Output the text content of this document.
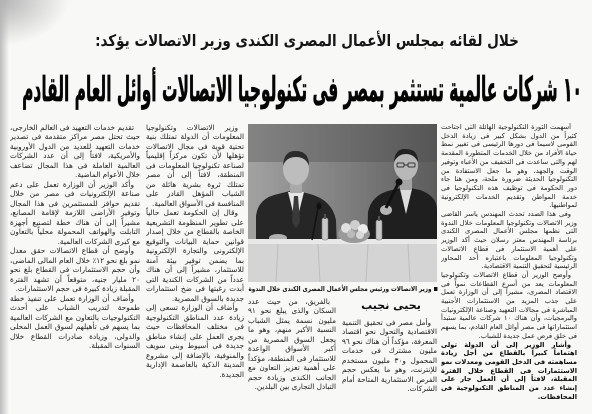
خلال لقائه بمجلس الأعمال المصرى الكندى وزير الاتصالات يؤكد:
١٠ شركات عالمية تستثمر بمصر فى تكنولوجيا الاتصالات أوائل العام القادم

أسهمت الثورة التكنولوجية الهائلة التى اجتاحت كثيراً من الدول بشكل كبير فى زيادة الدخل القومى لاسيما فى دورها الرئيسى فى تغيير نمط حياة الأفراد من خلال الخدمات المتطورة المقدمة لهم والتى ساعدت فى التخفيف من الأعباء وتوفير الوقت والجهد، وهو ما جعل الاستفادة من التكنولوجيا الحديثة ضرورة ملحة، ومن هنا جاء دور الحكومة فى توظيف هذه التكنولوجيا فى خدمة المواطن وتقديم الخدمات الإلكترونية لمواطنيها.

وفى هذا الصدد تحدث المهندس ياسر القاضى وزير الاتصالات وتكنولوجيا المعلومات خلال الندوة التى نظمها مجلس الأعمال المصرى الكندى برئاسة المهندس معتز رسلان حيث أكد الوزير على أهمية الاستثمار فى قطاع الاتصالات وتكنولوجيا المعلومات باعتباره أحد المحاور الرئيسية لتحقيق التنمية الاقتصادية.

وأوضح الوزير أن قطاع الاتصالات وتكنولوجيا المعلومات يعد من أسرع القطاعات نمواً فى الاقتصاد المصرى، مشيراً إلى أن الوزارة تعمل على جذب المزيد من الاستثمارات الأجنبية المباشرة فى مجالات التعهيد وصناعة الإلكترونيات والبرمجيات، وأن هناك ١٠ شركات عالمية ستبدأ استثماراتها فى مصر أوائل العام القادم، بما يسهم فى خلق فرص عمل جديدة للشباب.

وأشار الوزير إلى أن الدولة تولى اهتماماً كبيراً بالقطاع من أجل زيادة مساهمته فى الدخل القومى ومعدلات نمو الاستثمارات فى القطاع خلال الفترة المقبلة، لافتاً إلى أن العمل جار على إنشاء عدد من المناطق التكنولوجية فى المحافظات.

وزير الاتصالات ورئيس مجلس الأعمال المصرى الكندى خلال الندوة
يحيى نجيب

بالفريق، من حيث عدد السكان والذى يبلغ نحو ٩١ مليون نسمة يمثل الشباب النسبة الأكبر منهم، وهو ما يجعل السوق المصرية من أكبر الأسواق الواعدة للاستثمار فى المنطقة، مؤكداً على أهمية تعزيز التعاون مع الجانب الكندى وزيادة حجم التبادل التجارى بين البلدين.

وأمل مصر فى تحقيق التنمية الاقتصادية والتحول نحو اقتصاد المعرفة، مؤكداً أن هناك نحو ٩٦ مليون مشترك فى خدمات المحمول و٣٠ مليون مستخدم للإنترنت، وهو ما يعكس حجم الفرص الاستثمارية المتاحة أمام الشركات.

وزير الاتصالات وتكنولوجيا المعلومات أن الدولة تمتلك بنية تحتية قوية فى مجال الاتصالات تؤهلها لأن تكون مركزاً إقليمياً لصناعة تكنولوجيا المعلومات فى المنطقة، لافتاً إلى أن مصر تمتلك ثروة بشرية هائلة من الشباب المؤهل القادر على المنافسة فى الأسواق العالمية.

وقال إن الحكومة تعمل حالياً على تطوير المنظومة التشريعية الخاصة بالقطاع من خلال إصدار قوانين حماية البيانات والتوقيع الإلكترونى والتجارة الإلكترونية بما يضمن توفير بيئة آمنة للاستثمار، مشيراً إلى أن هناك عدداً من الشركات الكندية التى أبدت رغبتها فى ضخ استثمارات جديدة بالسوق المصرية.

وأضاف أن الوزارة تسعى إلى زيادة عدد المناطق التكنولوجية فى مختلف المحافظات حيث يجرى العمل على إنشاء مناطق جديدة فى أسيوط وبنى سويف والمنوفية، بالإضافة إلى مشروع المدينة الذكية بالعاصمة الإدارية الجديدة.

تقديم خدمات التعهيد فى العالم الخارجى، حيث تحتل مصر مراكز متقدمة فى تصدير خدمات التعهيد للعديد من الدول الأوروبية والأمريكية، لافتاً إلى أن عدد الشركات العالمية العاملة فى هذا المجال تضاعف خلال الأعوام الماضية.

وأكد الوزير أن الوزارة تعمل على دعم صناعة الإلكترونيات فى مصر من خلال تقديم حوافز للمستثمرين فى هذا المجال وتوفير الأراضى اللازمة لإقامة المصانع، مشيراً إلى أن هناك خطة لتصنيع أجهزة التابلت والهواتف المحمولة محلياً بالتعاون مع كبرى الشركات العالمية.

وأوضح أن قطاع الاتصالات حقق معدل نمو بلغ نحو ١٢٪ خلال العام المالى الماضى، وأن حجم الاستثمارات فى القطاع بلغ نحو ٢٠ مليار جنيه، متوقعاً أن تشهد الفترة المقبلة زيادة كبيرة فى حجم الاستثمارات.

وأضاف أن الوزارة تعمل على تنفيذ خطة طموحة لتدريب الشباب على أحدث التكنولوجيات بالتعاون مع الشركات العالمية بما يسهم فى تأهيلهم لسوق العمل المحلى والدولى، وزيادة صادرات القطاع خلال السنوات المقبلة.
